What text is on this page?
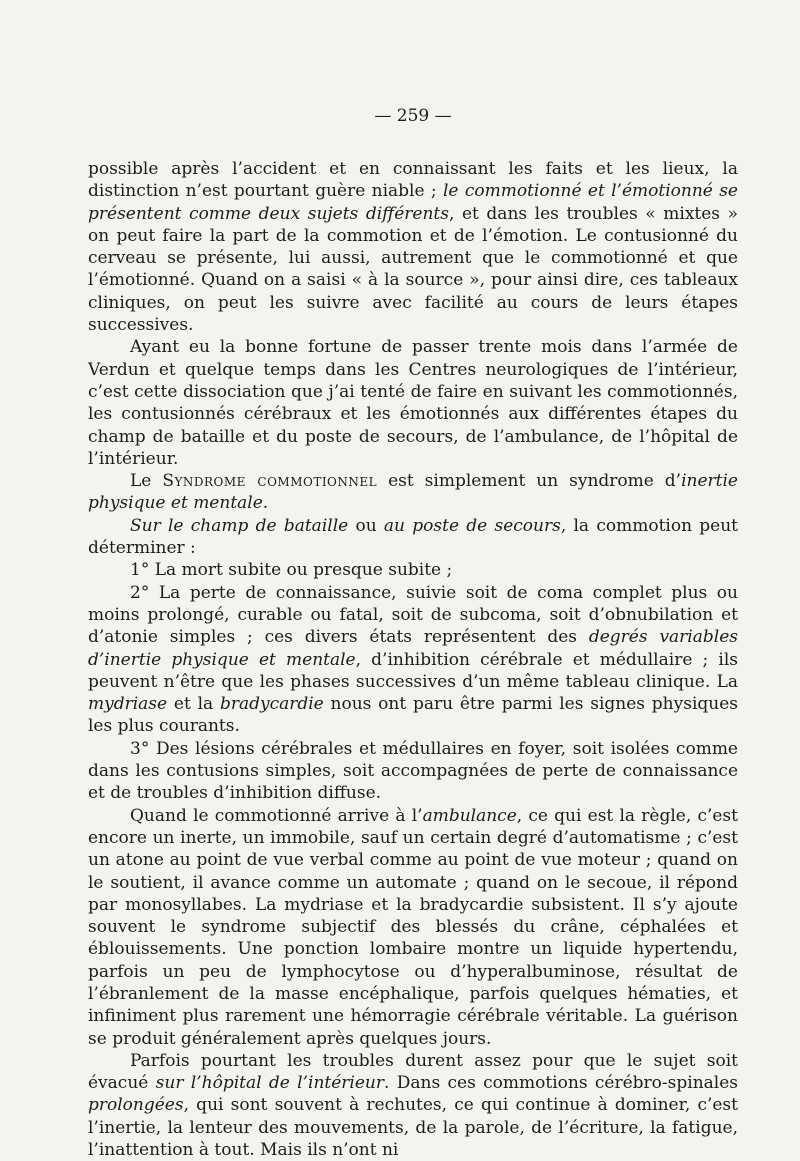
— 259 —

possible après l’accident et en connaissant les faits et les lieux, la distinction n’est pourtant guère niable ; le commotionné et l’émotionné se présentent comme deux sujets différents, et dans les troubles « mixtes » on peut faire la part de la commotion et de l’émotion. Le contusionné du cerveau se présente, lui aussi, autrement que le commotionné et que l’émotionné. Quand on a saisi « à la source », pour ainsi dire, ces tableaux cliniques, on peut les suivre avec facilité au cours de leurs étapes successives.

Ayant eu la bonne fortune de passer trente mois dans l’armée de Verdun et quelque temps dans les Centres neurologiques de l’intérieur, c’est cette dissociation que j’ai tenté de faire en suivant les commotionnés, les contusionnés cérébraux et les émotionnés aux différentes étapes du champ de bataille et du poste de secours, de l’ambulance, de l’hôpital de l’intérieur.

Le Syndrome commotionnel est simplement un syndrome d’inertie physique et mentale.

Sur le champ de bataille ou au poste de secours, la commotion peut déterminer :

1° La mort subite ou presque subite ;

2° La perte de connaissance, suivie soit de coma complet plus ou moins prolongé, curable ou fatal, soit de subcoma, soit d’obnubilation et d’atonie simples ; ces divers états représentent des degrés variables d’inertie physique et mentale, d’inhibition cérébrale et médullaire ; ils peuvent n’être que les phases successives d’un même tableau clinique. La mydriase et la bradycardie nous ont paru être parmi les signes physiques les plus courants.

3° Des lésions cérébrales et médullaires en foyer, soit isolées comme dans les contusions simples, soit accompagnées de perte de connaissance et de troubles d’inhibition diffuse.

Quand le commotionné arrive à l’ambulance, ce qui est la règle, c’est encore un inerte, un immobile, sauf un certain degré d’automatisme ; c’est un atone au point de vue verbal comme au point de vue moteur ; quand on le soutient, il avance comme un automate ; quand on le secoue, il répond par monosyllabes. La mydriase et la bradycardie subsistent. Il s’y ajoute souvent le syndrome subjectif des blessés du crâne, céphalées et éblouissements. Une ponction lombaire montre un liquide hypertendu, parfois un peu de lymphocytose ou d’hyperalbuminose, résultat de l’ébranlement de la masse encéphalique, parfois quelques hématies, et infiniment plus rarement une hémorragie cérébrale véritable. La guérison se produit généralement après quelques jours.

Parfois pourtant les troubles durent assez pour que le sujet soit évacué sur l’hôpital de l’intérieur. Dans ces commotions cérébro-spinales prolongées, qui sont souvent à rechutes, ce qui continue à dominer, c’est l’inertie, la lenteur des mouvements, de la parole, de l’écriture, la fatigue, l’inattention à tout. Mais ils n’ont ni
